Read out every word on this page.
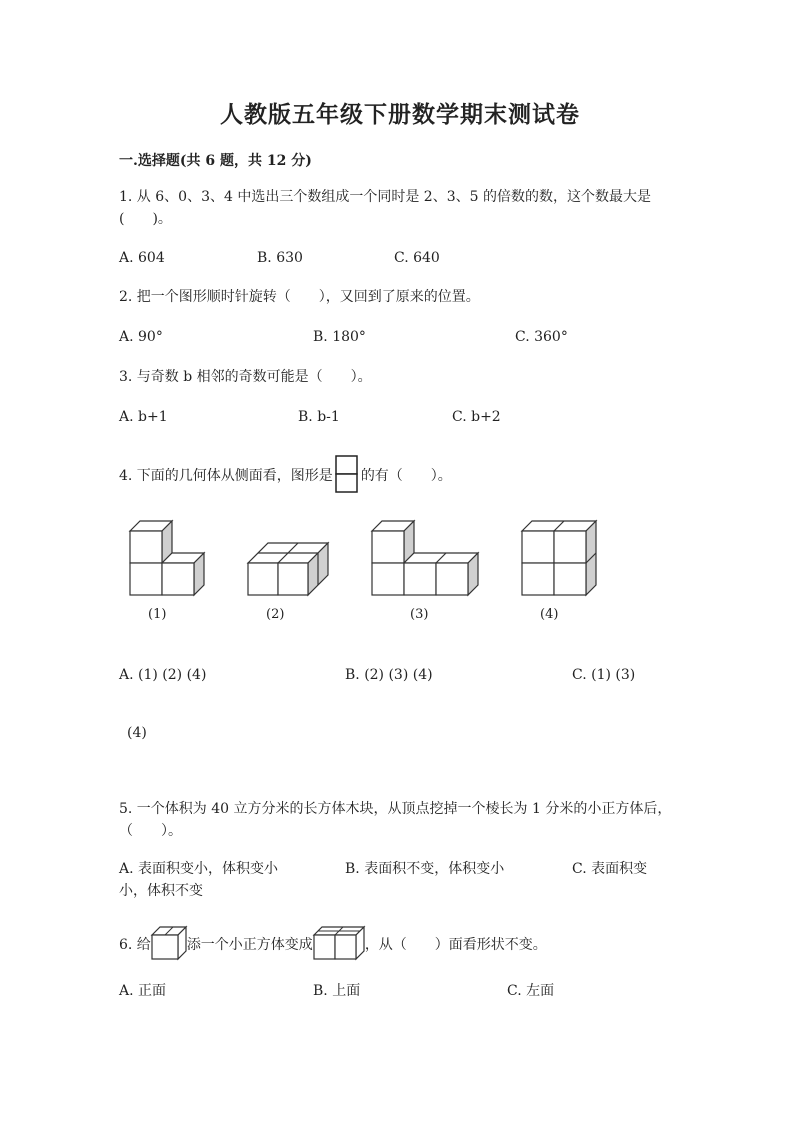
人教版五年级下册数学期末测试卷
一.选择题(共 6 题，共 12 分)
1. 从 6、0、3、4 中选出三个数组成一个同时是 2、3、5 的倍数的数，这个数最大是(　　)。
A. 604	B. 630	C. 640
2. 把一个图形顺时针旋转（　　），又回到了原来的位置。
A. 90°	B. 180°	C. 360°
3. 与奇数 b 相邻的奇数可能是（　　）。
A. b+1	B. b-1	C. b+2
4. 下面的几何体从侧面看，图形是 的有（　　）。
(1)	(2)	(3)	(4)
A. (1) (2) (4)	B. (2) (3) (4)	C. (1) (3)
(4)
5. 一个体积为 40 立方分米的长方体木块，从顶点挖掉一个棱长为 1 分米的小正方体后，（　　）。
A. 表面积变小，体积变小	B. 表面积不变，体积变小	C. 表面积变
小，体积不变
6. 给	添一个小正方体变成	，从（　　）面看形状不变。
A. 正面	B. 上面	C. 左面
